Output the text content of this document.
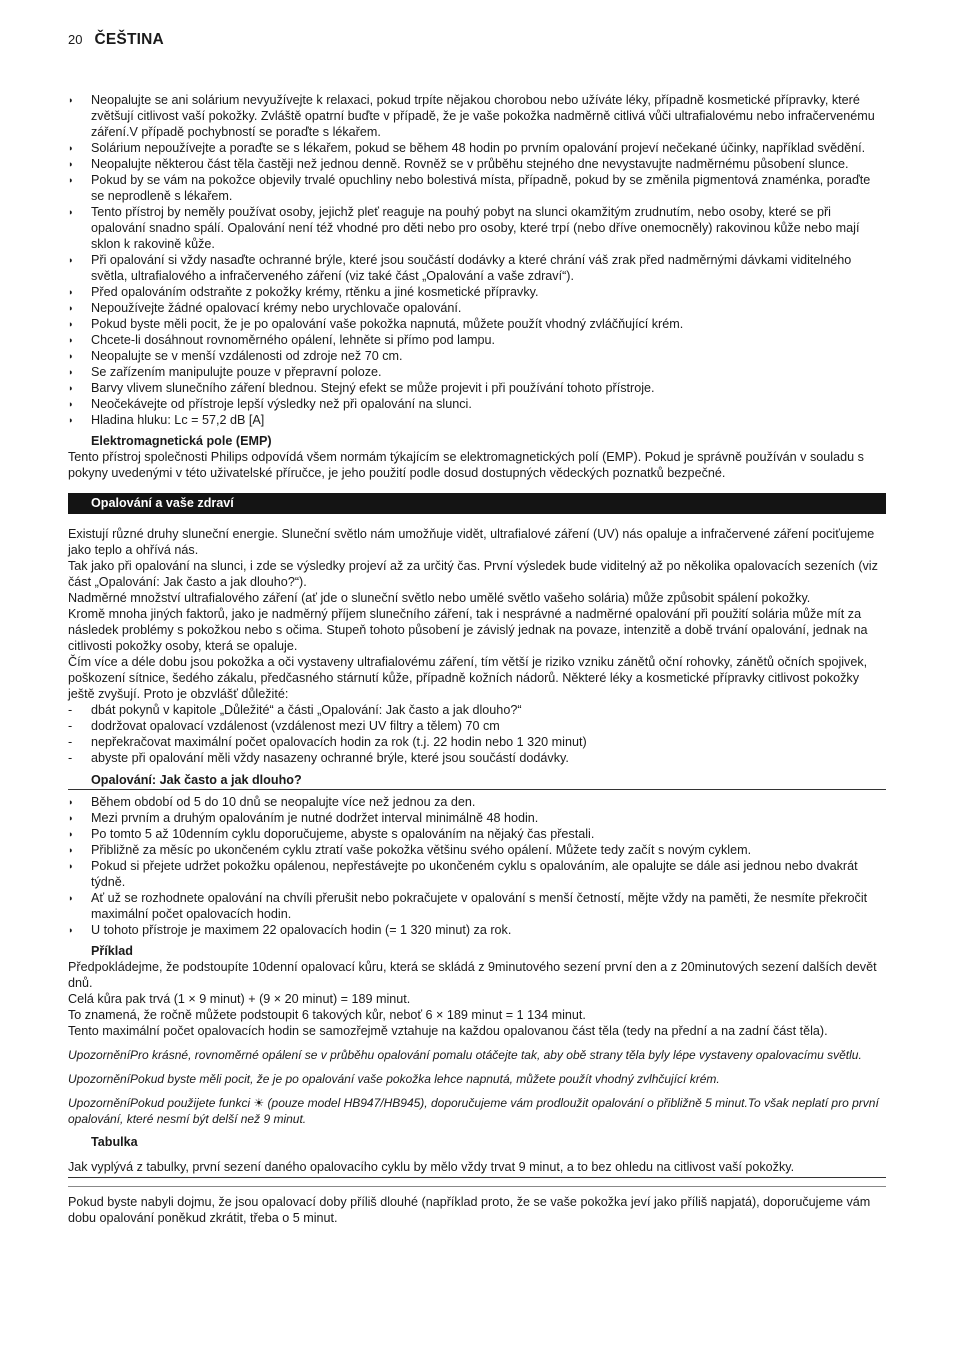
20 ČEŠTINA
◗ Neopalujte se ani solárium nevyužívejte k relaxaci, pokud trpíte nějakou chorobou nebo užíváte léky, případně kosmetické přípravky, které zvětšují citlivost vaší pokožky. Zvláště opatrní buďte v případě, že je vaše pokožka nadměrně citlivá vůči ultrafialovému nebo infračervenému záření.V případě pochybností se poraďte s lékařem.
◗ Solárium nepoužívejte a poraďte se s lékařem, pokud se během 48 hodin po prvním opalování projeví nečekané účinky, například svědění.
◗ Neopalujte některou část těla častěji než jednou denně. Rovněž se v průběhu stejného dne nevystavujte nadměrnému působení slunce.
◗ Pokud by se vám na pokožce objevily trvalé opuchliny nebo bolestivá místa, případně, pokud by se změnila pigmentová znaménka, poraďte se neprodleně s lékařem.
◗ Tento přístroj by neměly používat osoby, jejichž pleť reaguje na pouhý pobyt na slunci okamžitým zrudnutím, nebo osoby, které se při opalování snadno spálí. Opalování není též vhodné pro děti nebo pro osoby, které trpí (nebo dříve onemocněly) rakovinou kůže nebo mají sklon k rakovině kůže.
◗ Při opalování si vždy nasaďte ochranné brýle, které jsou součástí dodávky a které chrání váš zrak před nadměrnými dávkami viditelného světla, ultrafialového a infračerveného záření (viz také část „Opalování a vaše zdraví“).
◗ Před opalováním odstraňte z pokožky krémy, rtěnku a jiné kosmetické přípravky.
◗ Nepoužívejte žádné opalovací krémy nebo urychlovače opalování.
◗ Pokud byste měli pocit, že je po opalování vaše pokožka napnutá, můžete použít vhodný zvláčňující krém.
◗ Chcete-li dosáhnout rovnoměrného opálení, lehněte si přímo pod lampu.
◗ Neopalujte se v menší vzdálenosti od zdroje než 70 cm.
◗ Se zařízením manipulujte pouze v přepravní poloze.
◗ Barvy vlivem slunečního záření blednou. Stejný efekt se může projevit i při používání tohoto přístroje.
◗ Neočekávejte od přístroje lepší výsledky než při opalování na slunci.
◗ Hladina hluku: Lc = 57,2 dB [A]
Elektromagnetická pole (EMP)

Tento přístroj společnosti Philips odpovídá všem normám týkajícím se elektromagnetických polí (EMP). Pokud je správně používán v souladu s pokyny uvedenými v této uživatelské příručce, je jeho použití podle dosud dostupných vědeckých poznatků bezpečné.

Opalování a vaše zdraví

Existují různé druhy sluneční energie. Sluneční světlo nám umožňuje vidět, ultrafialové záření (UV) nás opaluje a infračervené záření pociťujeme jako teplo a ohřívá nás.

Tak jako při opalování na slunci, i zde se výsledky projeví až za určitý čas. První výsledek bude viditelný až po několika opalovacích sezeních (viz část „Opalování: Jak často a jak dlouho?“).

Nadměrné množství ultrafialového záření (ať jde o sluneční světlo nebo umělé světlo vašeho solária) může způsobit spálení pokožky.

Kromě mnoha jiných faktorů, jako je nadměrný příjem slunečního záření, tak i nesprávné a nadměrné opalování při použití solária může mít za následek problémy s pokožkou nebo s očima. Stupeň tohoto působení je závislý jednak na povaze, intenzitě a době trvání opalování, jednak na citlivosti pokožky osoby, která se opaluje.

Čím více a déle dobu jsou pokožka a oči vystaveny ultrafialovému záření, tím větší je riziko vzniku zánětů oční rohovky, zánětů očních spojivek, poškození sítnice, šedého zákalu, předčasného stárnutí kůže, případně kožních nádorů. Některé léky a kosmetické přípravky citlivost pokožky ještě zvyšují. Proto je obzvlášť důležité:

- dbát pokynů v kapitole „Důležité“ a části „Opalování: Jak často a jak dlouho?“
- dodržovat opalovací vzdálenost (vzdálenost mezi UV filtry a tělem) 70 cm
- nepřekračovat maximální počet opalovacích hodin za rok (t.j. 22 hodin nebo 1 320 minut)
- abyste při opalování měli vždy nasazeny ochranné brýle, které jsou součástí dodávky.
Opalování: Jak často a jak dlouho?
◗ Během období od 5 do 10 dnů se neopalujte více než jednou za den.
◗ Mezi prvním a druhým opalováním je nutné dodržet interval minimálně 48 hodin.
◗ Po tomto 5 až 10denním cyklu doporučujeme, abyste s opalováním na nějaký čas přestali.
◗ Přibližně za měsíc po ukončeném cyklu ztratí vaše pokožka většinu svého opálení. Můžete tedy začít s novým cyklem.
◗ Pokud si přejete udržet pokožku opálenou, nepřestávejte po ukončeném cyklu s opalováním, ale opalujte se dále asi jednou nebo dvakrát týdně.
◗ Ať už se rozhodnete opalování na chvíli přerušit nebo pokračujete v opalování s menší četností, mějte vždy na paměti, že nesmíte překročit maximální počet opalovacích hodin.
◗ U tohoto přístroje je maximem 22 opalovacích hodin (= 1 320 minut) za rok.
Příklad

Předpokládejme, že podstoupíte 10denní opalovací kůru, která se skládá z 9minutového sezení první den a z 20minutových sezení dalších devět dnů.

Celá kůra pak trvá (1 × 9 minut) + (9 × 20 minut) = 189 minut.

To znamená, že ročně můžete podstoupit 6 takových kůr, neboť 6 × 189 minut = 1 134 minut.

Tento maximální počet opalovacích hodin se samozřejmě vztahuje na každou opalovanou část těla (tedy na přední a na zadní část těla).

UpozorněníPro krásné, rovnoměrné opálení se v průběhu opalování pomalu otáčejte tak, aby obě strany těla byly lépe vystaveny opalovacímu světlu.

UpozorněníPokud byste měli pocit, že je po opalování vaše pokožka lehce napnutá, můžete použít vhodný zvlhčující krém.

UpozorněníPokud použijete funkci ☀ (pouze model HB947/HB945), doporučujeme vám prodloužit opalování o přibližně 5 minut.To však neplatí pro první opalování, které nesmí být delší než 9 minut.

Tabulka
Jak vyplývá z tabulky, první sezení daného opalovacího cyklu by mělo vždy trvat 9 minut, a to bez ohledu na citlivost vaší pokožky.

Pokud byste nabyli dojmu, že jsou opalovací doby příliš dlouhé (například proto, že se vaše pokožka jeví jako příliš napjatá), doporučujeme vám dobu opalování poněkud zkrátit, třeba o 5 minut.
